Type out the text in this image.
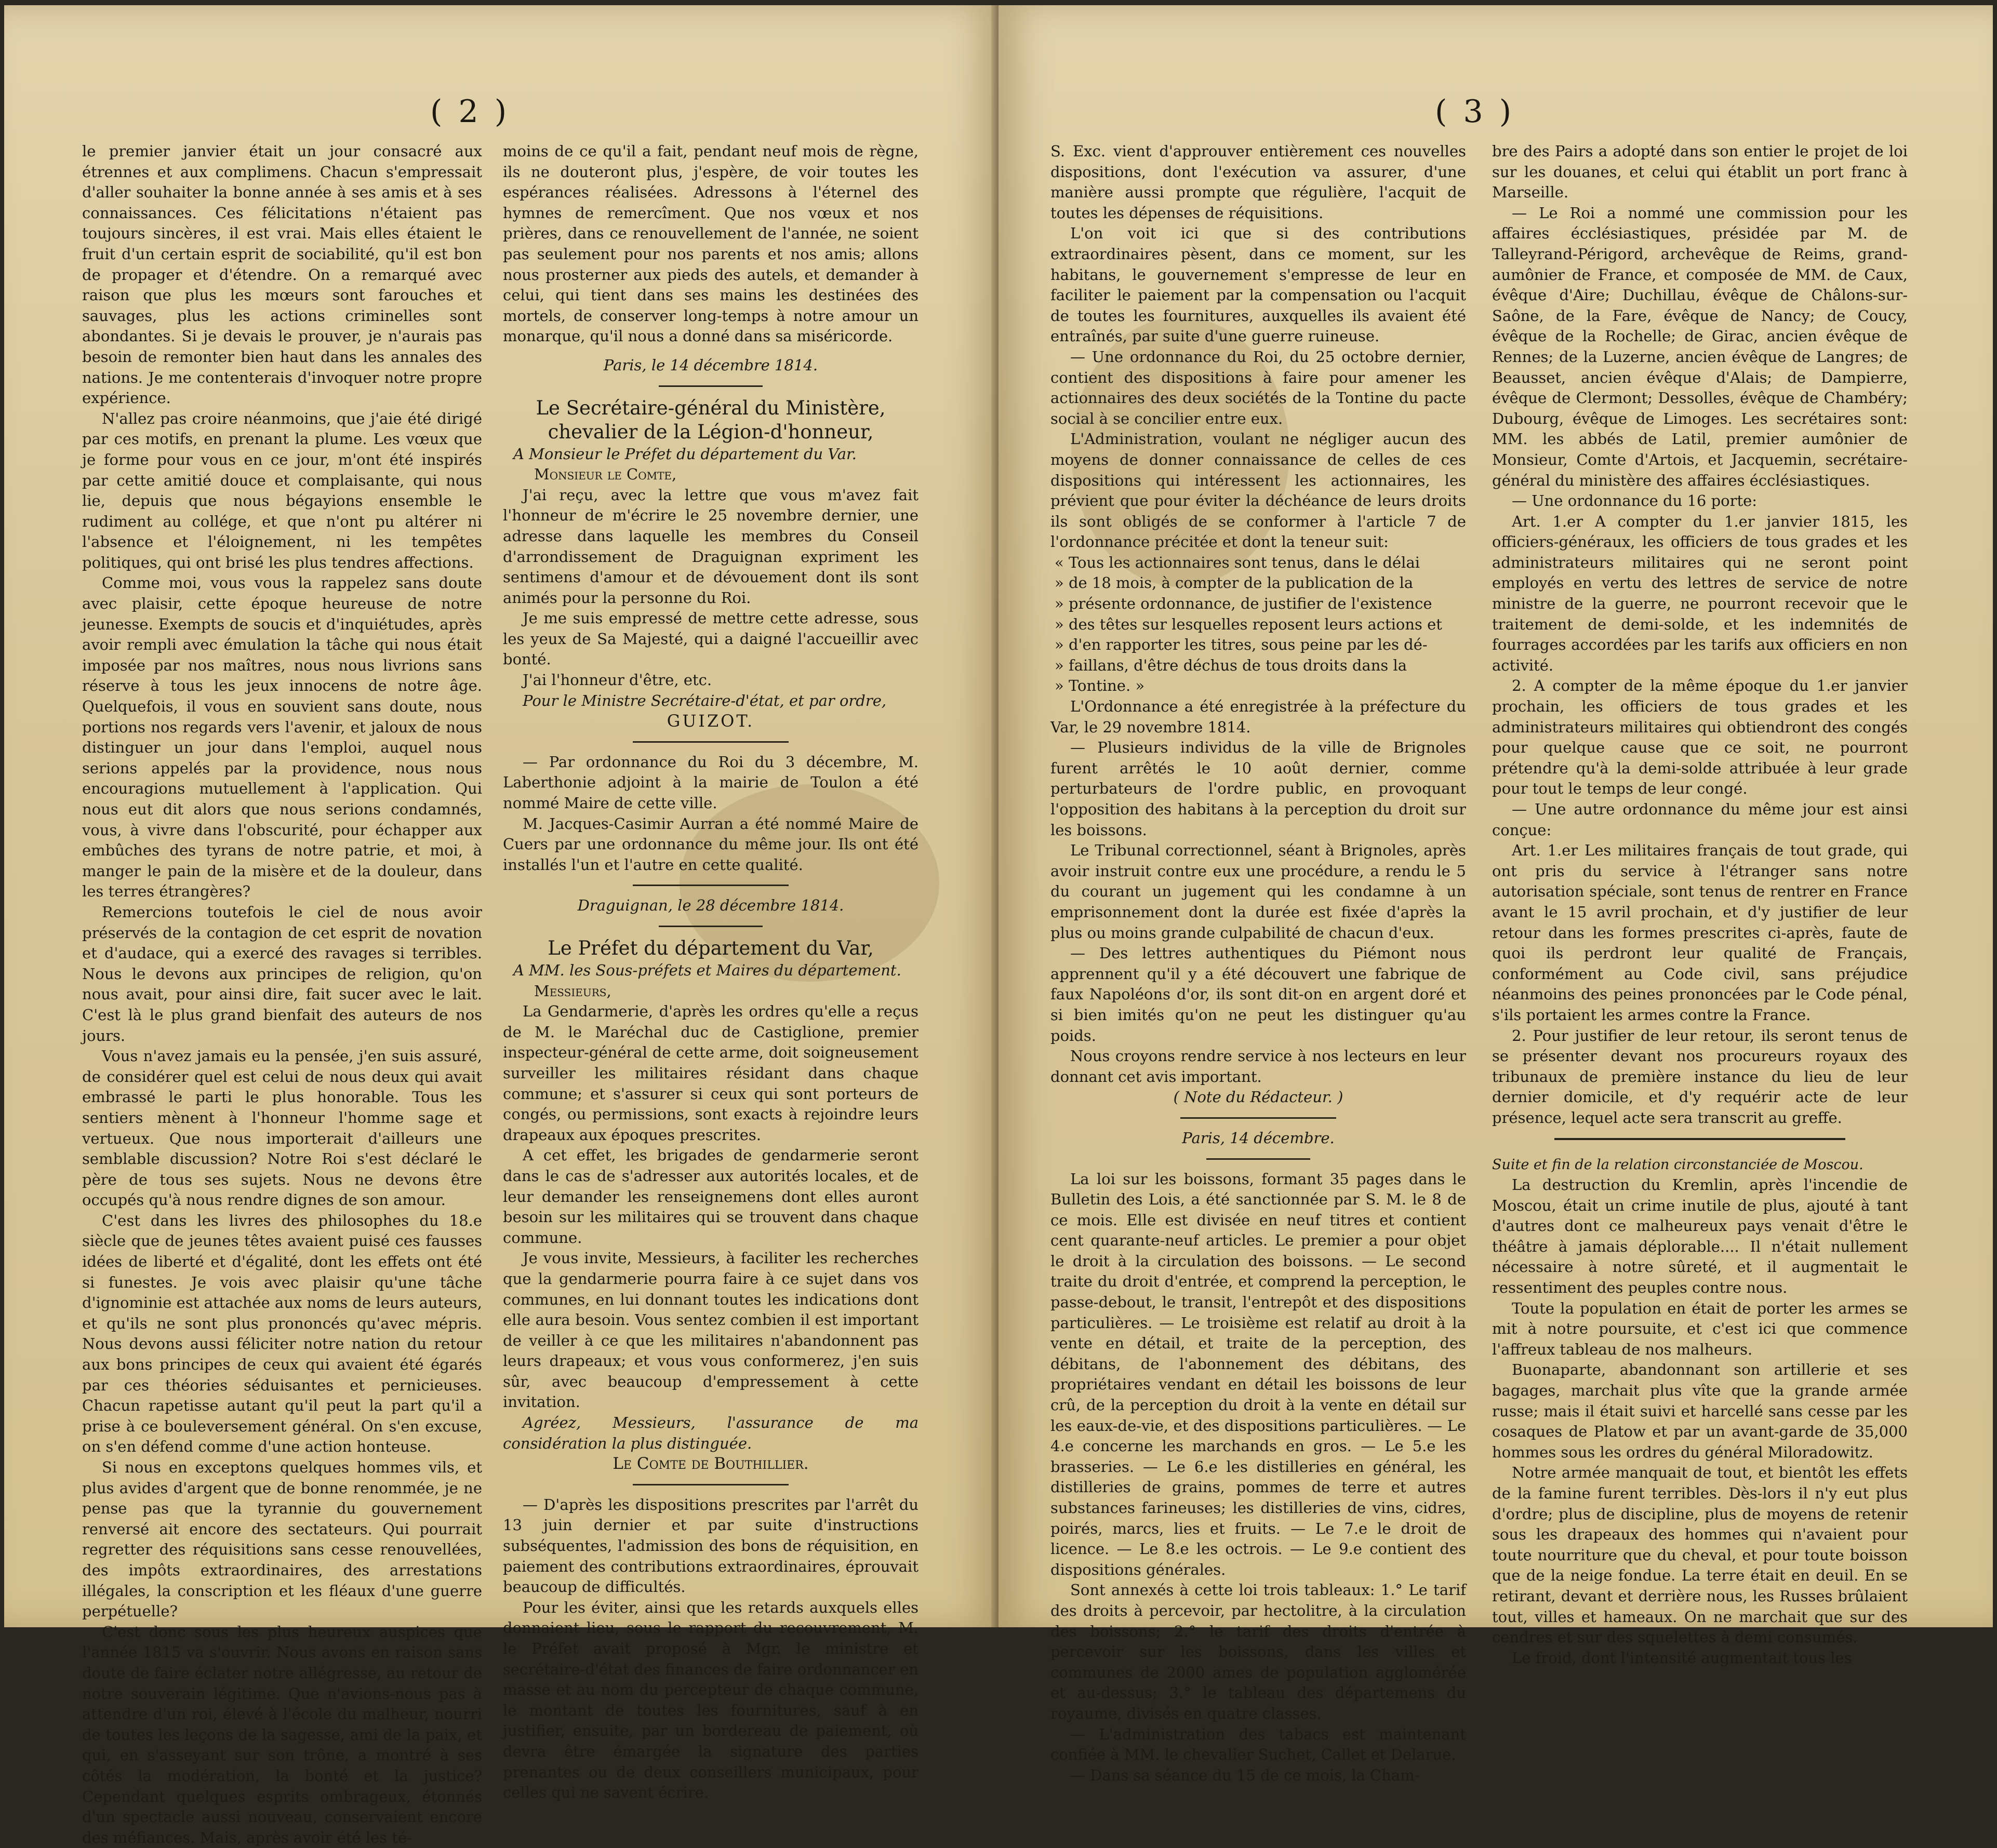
( 2 )

le premier janvier était un jour consacré aux étrennes et aux complimens. Chacun s'empressait d'aller souhaiter la bonne année à ses amis et à ses connaissances. Ces félicitations n'étaient pas toujours sincères, il est vrai. Mais elles étaient le fruit d'un certain esprit de sociabilité, qu'il est bon de propager et d'étendre. On a remarqué avec raison que plus les mœurs sont farouches et sauvages, plus les actions criminelles sont abondantes. Si je devais le prouver, je n'aurais pas besoin de remonter bien haut dans les annales des nations. Je me contenterais d'invoquer notre propre expérience.

N'allez pas croire néanmoins, que j'aie été dirigé par ces motifs, en prenant la plume. Les vœux que je forme pour vous en ce jour, m'ont été inspirés par cette amitié douce et complaisante, qui nous lie, depuis que nous bégayions ensemble le rudiment au collége, et que n'ont pu altérer ni l'absence et l'éloignement, ni les tempêtes politiques, qui ont brisé les plus tendres affections.

Comme moi, vous vous la rappelez sans doute avec plaisir, cette époque heureuse de notre jeunesse. Exempts de soucis et d'inquiétudes, après avoir rempli avec émulation la tâche qui nous était imposée par nos maîtres, nous nous livrions sans réserve à tous les jeux innocens de notre âge. Quelquefois, il vous en souvient sans doute, nous portions nos regards vers l'avenir, et jaloux de nous distinguer un jour dans l'emploi, auquel nous serions appelés par la providence, nous nous encouragions mutuellement à l'application. Qui nous eut dit alors que nous serions condamnés, vous, à vivre dans l'obscurité, pour échapper aux embûches des tyrans de notre patrie, et moi, à manger le pain de la misère et de la douleur, dans les terres étrangères?

Remercions toutefois le ciel de nous avoir préservés de la contagion de cet esprit de novation et d'audace, qui a exercé des ravages si terribles. Nous le devons aux principes de religion, qu'on nous avait, pour ainsi dire, fait sucer avec le lait. C'est là le plus grand bienfait des auteurs de nos jours.

Vous n'avez jamais eu la pensée, j'en suis assuré, de considérer quel est celui de nous deux qui avait embrassé le parti le plus honorable. Tous les sentiers mènent à l'honneur l'homme sage et vertueux. Que nous importerait d'ailleurs une semblable discussion? Notre Roi s'est déclaré le père de tous ses sujets. Nous ne devons être occupés qu'à nous rendre dignes de son amour.

C'est dans les livres des philosophes du 18.e siècle que de jeunes têtes avaient puisé ces fausses idées de liberté et d'égalité, dont les effets ont été si funestes. Je vois avec plaisir qu'une tâche d'ignominie est attachée aux noms de leurs auteurs, et qu'ils ne sont plus prononcés qu'avec mépris. Nous devons aussi féliciter notre nation du retour aux bons principes de ceux qui avaient été égarés par ces théories séduisantes et pernicieuses. Chacun rapetisse autant qu'il peut la part qu'il a prise à ce bouleversement général. On s'en excuse, on s'en défend comme d'une action honteuse.

Si nous en exceptons quelques hommes vils, et plus avides d'argent que de bonne renommée, je ne pense pas que la tyrannie du gouvernement renversé ait encore des sectateurs. Qui pourrait regretter des réquisitions sans cesse renouvellées, des impôts extraordinaires, des arrestations illégales, la conscription et les fléaux d'une guerre perpétuelle?

C'est donc sous les plus heureux auspices que l'année 1815 va s'ouvrir. Nous avons en raison sans doute de faire éclater notre allégresse, au retour de notre souverain légitime. Que n'avions-nous pas à attendre d'un roi, élevé à l'école du malheur, nourri de toutes les leçons de la sagesse, ami de la paix, et qui, en s'asseyant sur son trône, a montré à ses côtés la modération, la bonté et la justice? Cependant quelques esprits ombrageux, étonnés d'un spectacle aussi nouveau, conservaient encore des méfiances. Mais, après avoir été les té-

moins de ce qu'il a fait, pendant neuf mois de règne, ils ne douteront plus, j'espère, de voir toutes les espérances réalisées. Adressons à l'éternel des hymnes de remercîment. Que nos vœux et nos prières, dans ce renouvellement de l'année, ne soient pas seulement pour nos parents et nos amis; allons nous prosterner aux pieds des autels, et demander à celui, qui tient dans ses mains les destinées des mortels, de conserver long-temps à notre amour un monarque, qu'il nous a donné dans sa miséricorde.

Paris, le 14 décembre 1814.

Le Secrétaire-général du Ministère, chevalier de la Légion-d'honneur,

A Monsieur le Préfet du département du Var.

Monsieur le Comte,

J'ai reçu, avec la lettre que vous m'avez fait l'honneur de m'écrire le 25 novembre dernier, une adresse dans laquelle les membres du Conseil d'arrondissement de Draguignan expriment les sentimens d'amour et de dévouement dont ils sont animés pour la personne du Roi.

Je me suis empressé de mettre cette adresse, sous les yeux de Sa Majesté, qui a daigné l'accueillir avec bonté.

J'ai l'honneur d'être, etc.

Pour le Ministre Secrétaire-d'état, et par ordre,

GUIZOT.

— Par ordonnance du Roi du 3 décembre, M. Laberthonie adjoint à la mairie de Toulon a été nommé Maire de cette ville.

M. Jacques-Casimir Aurran a été nommé Maire de Cuers par une ordonnance du même jour. Ils ont été installés l'un et l'autre en cette qualité.

Draguignan, le 28 décembre 1814.

Le Préfet du département du Var,

A MM. les Sous-préfets et Maires du département.

Messieurs,

La Gendarmerie, d'après les ordres qu'elle a reçus de M. le Maréchal duc de Castiglione, premier inspecteur-général de cette arme, doit soigneusement surveiller les militaires résidant dans chaque commune; et s'assurer si ceux qui sont porteurs de congés, ou permissions, sont exacts à rejoindre leurs drapeaux aux époques prescrites.

A cet effet, les brigades de gendarmerie seront dans le cas de s'adresser aux autorités locales, et de leur demander les renseignemens dont elles auront besoin sur les militaires qui se trouvent dans chaque commune.

Je vous invite, Messieurs, à faciliter les recherches que la gendarmerie pourra faire à ce sujet dans vos communes, en lui donnant toutes les indications dont elle aura besoin. Vous sentez combien il est important de veiller à ce que les militaires n'abandonnent pas leurs drapeaux; et vous vous conformerez, j'en suis sûr, avec beaucoup d'empressement à cette invitation.

Agréez, Messieurs, l'assurance de ma considération la plus distinguée.

Le Comte de Bouthillier.

— D'après les dispositions prescrites par l'arrêt du 13 juin dernier et par suite d'instructions subséquentes, l'admission des bons de réquisition, en paiement des contributions extraordinaires, éprouvait beaucoup de difficultés.

Pour les éviter, ainsi que les retards auxquels elles donnaient lieu, sous le rapport du recouvrement, M. le Préfet avait proposé à Mgr. le ministre et secrétaire-d'état des finances de faire ordonnancer en masse et au nom du percepteur de chaque commune, le montant de toutes les fournitures, sauf à en justifier, ensuite, par un bordereau de paiement, où devra être émargée la signature des parties prenantes ou de deux conseillers municipaux, pour celles qui ne savent écrire.

( 3 )

S. Exc. vient d'approuver entièrement ces nouvelles dispositions, dont l'exécution va assurer, d'une manière aussi prompte que régulière, l'acquit de toutes les dépenses de réquisitions.

L'on voit ici que si des contributions extraordinaires pèsent, dans ce moment, sur les habitans, le gouvernement s'empresse de leur en faciliter le paiement par la compensation ou l'acquit de toutes les fournitures, auxquelles ils avaient été entraînés, par suite d'une guerre ruineuse.

— Une ordonnance du Roi, du 25 octobre dernier, contient des dispositions à faire pour amener les actionnaires des deux sociétés de la Tontine du pacte social à se concilier entre eux.

L'Administration, voulant ne négliger aucun des moyens de donner connaissance de celles de ces dispositions qui intéressent les actionnaires, les prévient que pour éviter la déchéance de leurs droits ils sont obligés de se conformer à l'article 7 de l'ordonnance précitée et dont la teneur suit:

« Tous les actionnaires sont tenus, dans le délai

» de 18 mois, à compter de la publication de la

» présente ordonnance, de justifier de l'existence

» des têtes sur lesquelles reposent leurs actions et

» d'en rapporter les titres, sous peine par les dé-

» faillans, d'être déchus de tous droits dans la

» Tontine. »

L'Ordonnance a été enregistrée à la préfecture du Var, le 29 novembre 1814.

— Plusieurs individus de la ville de Brignoles furent arrêtés le 10 août dernier, comme perturbateurs de l'ordre public, en provoquant l'opposition des habitans à la perception du droit sur les boissons.

Le Tribunal correctionnel, séant à Brignoles, après avoir instruit contre eux une procédure, a rendu le 5 du courant un jugement qui les condamne à un emprisonnement dont la durée est fixée d'après la plus ou moins grande culpabilité de chacun d'eux.

— Des lettres authentiques du Piémont nous apprennent qu'il y a été découvert une fabrique de faux Napoléons d'or, ils sont dit-on en argent doré et si bien imités qu'on ne peut les distinguer qu'au poids.

Nous croyons rendre service à nos lecteurs en leur donnant cet avis important.

( Note du Rédacteur. )

Paris, 14 décembre.

La loi sur les boissons, formant 35 pages dans le Bulletin des Lois, a été sanctionnée par S. M. le 8 de ce mois. Elle est divisée en neuf titres et contient cent quarante-neuf articles. Le premier a pour objet le droit à la circulation des boissons. — Le second traite du droit d'entrée, et comprend la perception, le passe-debout, le transit, l'entrepôt et des dispositions particulières. — Le troisième est relatif au droit à la vente en détail, et traite de la perception, des débitans, de l'abonnement des débitans, des propriétaires vendant en détail les boissons de leur crû, de la perception du droit à la vente en détail sur les eaux-de-vie, et des dispositions particulières. — Le 4.e concerne les marchands en gros. — Le 5.e les brasseries. — Le 6.e les distilleries en général, les distilleries de grains, pommes de terre et autres substances farineuses; les distilleries de vins, cidres, poirés, marcs, lies et fruits. — Le 7.e le droit de licence. — Le 8.e les octrois. — Le 9.e contient des dispositions générales.

Sont annexés à cette loi trois tableaux: 1.° Le tarif des droits à percevoir, par hectolitre, à la circulation des boissons; 2.° le tarif des droits d'entrée à percevoir sur les boissons, dans les villes et communes de 2000 ames de population agglomérée et au-dessus; 3.° le tableau des départemens du royaume, divisés en quatre classes.

— L'administration des tabacs est maintenant confiée à MM. le chevalier Suchet, Callet et Delarue.

— Dans sa séance du 15 de ce mois, la Cham-

bre des Pairs a adopté dans son entier le projet de loi sur les douanes, et celui qui établit un port franc à Marseille.

— Le Roi a nommé une commission pour les affaires écclésiastiques, présidée par M. de Talleyrand-Périgord, archevêque de Reims, grand-aumônier de France, et composée de MM. de Caux, évêque d'Aire; Duchillau, évêque de Châlons-sur-Saône, de la Fare, évêque de Nancy; de Coucy, évêque de la Rochelle; de Girac, ancien évêque de Rennes; de la Luzerne, ancien évêque de Langres; de Beausset, ancien évêque d'Alais; de Dampierre, évêque de Clermont; Dessolles, évêque de Chambéry; Dubourg, évêque de Limoges. Les secrétaires sont: MM. les abbés de Latil, premier aumônier de Monsieur, Comte d'Artois, et Jacquemin, secrétaire-général du ministère des affaires écclésiastiques.

— Une ordonnance du 16 porte:

Art. 1.er A compter du 1.er janvier 1815, les officiers-généraux, les officiers de tous grades et les administrateurs militaires qui ne seront point employés en vertu des lettres de service de notre ministre de la guerre, ne pourront recevoir que le traitement de demi-solde, et les indemnités de fourrages accordées par les tarifs aux officiers en non activité.

2. A compter de la même époque du 1.er janvier prochain, les officiers de tous grades et les administrateurs militaires qui obtiendront des congés pour quelque cause que ce soit, ne pourront prétendre qu'à la demi-solde attribuée à leur grade pour tout le temps de leur congé.

— Une autre ordonnance du même jour est ainsi conçue:

Art. 1.er Les militaires français de tout grade, qui ont pris du service à l'étranger sans notre autorisation spéciale, sont tenus de rentrer en France avant le 15 avril prochain, et d'y justifier de leur retour dans les formes prescrites ci-après, faute de quoi ils perdront leur qualité de Français, conformément au Code civil, sans préjudice néanmoins des peines prononcées par le Code pénal, s'ils portaient les armes contre la France.

2. Pour justifier de leur retour, ils seront tenus de se présenter devant nos procureurs royaux des tribunaux de première instance du lieu de leur dernier domicile, et d'y requérir acte de leur présence, lequel acte sera transcrit au greffe.

Suite et fin de la relation circonstanciée de Moscou.

La destruction du Kremlin, après l'incendie de Moscou, était un crime inutile de plus, ajouté à tant d'autres dont ce malheureux pays venait d'être le théâtre à jamais déplorable.... Il n'était nullement nécessaire à notre sûreté, et il augmentait le ressentiment des peuples contre nous.

Toute la population en était de porter les armes se mit à notre poursuite, et c'est ici que commence l'affreux tableau de nos malheurs.

Buonaparte, abandonnant son artillerie et ses bagages, marchait plus vîte que la grande armée russe; mais il était suivi et harcellé sans cesse par les cosaques de Platow et par un avant-garde de 35,000 hommes sous les ordres du général Miloradowitz.

Notre armée manquait de tout, et bientôt les effets de la famine furent terribles. Dès-lors il n'y eut plus d'ordre; plus de discipline, plus de moyens de retenir sous les drapeaux des hommes qui n'avaient pour toute nourriture que du cheval, et pour toute boisson que de la neige fondue. La terre était en deuil. En se retirant, devant et derrière nous, les Russes brûlaient tout, villes et hameaux. On ne marchait que sur des cendres et sur des squelettes à demi consumés.

Le froid, dont l'intensité augmentait tous les
